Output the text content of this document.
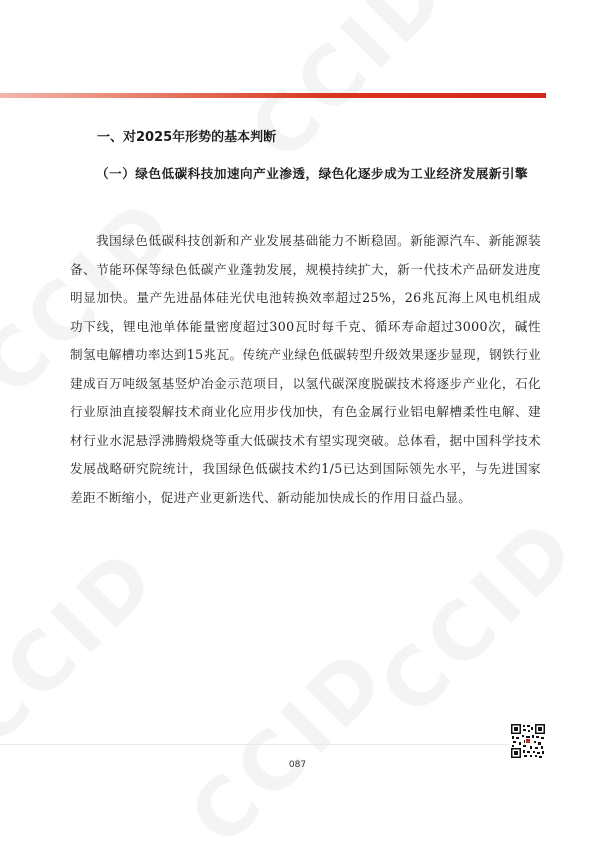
一、对2025年形势的基本判断
（一）绿色低碳科技加速向产业渗透，绿色化逐步成为工业经济发展新引擎
我国绿色低碳科技创新和产业发展基础能力不断稳固。新能源汽车、新能源装备、节能环保等绿色低碳产业蓬勃发展，规模持续扩大，新一代技术产品研发进度明显加快。量产先进晶体硅光伏电池转换效率超过25%，26兆瓦海上风电机组成功下线，锂电池单体能量密度超过300瓦时每千克、循环寿命超过3000次，碱性制氢电解槽功率达到15兆瓦。传统产业绿色低碳转型升级效果逐步显现，钢铁行业建成百万吨级氢基竖炉冶金示范项目，以氢代碳深度脱碳技术将逐步产业化，石化行业原油直接裂解技术商业化应用步伐加快，有色金属行业铝电解槽柔性电解、建材行业水泥悬浮沸腾煅烧等重大低碳技术有望实现突破。总体看，据中国科学技术发展战略研究院统计，我国绿色低碳技术约1/5已达到国际领先水平，与先进国家差距不断缩小，促进产业更新迭代、新动能加快成长的作用日益凸显。
087
